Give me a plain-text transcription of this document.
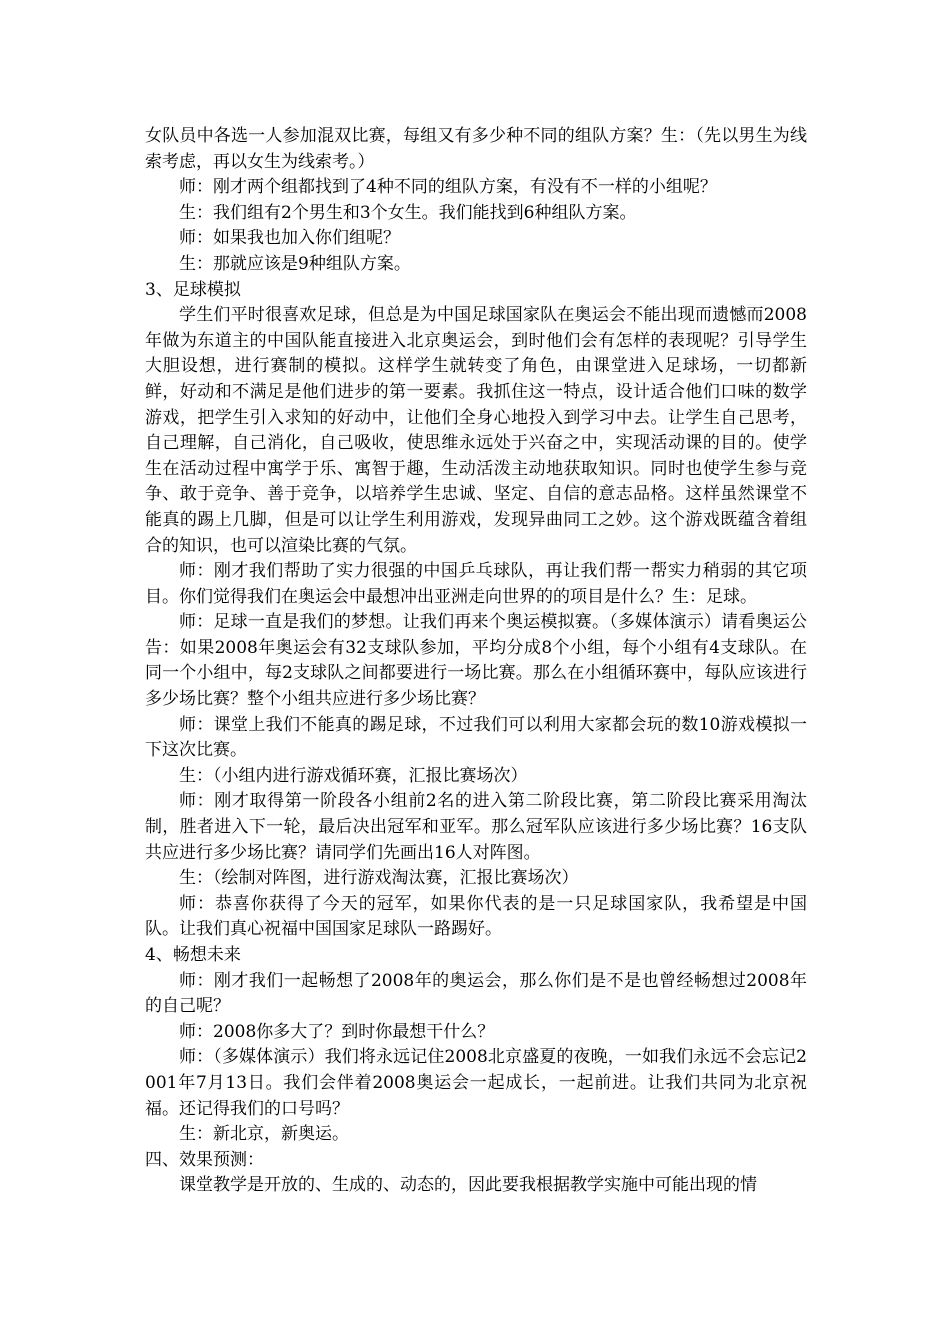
女队员中各选一人参加混双比赛，每组又有多少种不同的组队方案？生：（先以男生为线索考虑，再以女生为线索考。）

师：刚才两个组都找到了4种不同的组队方案，有没有不一样的小组呢？

生：我们组有2个男生和3个女生。我们能找到6种组队方案。

师：如果我也加入你们组呢？

生：那就应该是9种组队方案。

3、足球模拟

学生们平时很喜欢足球，但总是为中国足球国家队在奥运会不能出现而遗憾而2008年做为东道主的中国队能直接进入北京奥运会，到时他们会有怎样的表现呢？引导学生大胆设想，进行赛制的模拟。这样学生就转变了角色，由课堂进入足球场，一切都新鲜，好动和不满足是他们进步的第一要素。我抓住这一特点，设计适合他们口味的数学游戏，把学生引入求知的好动中，让他们全身心地投入到学习中去。让学生自己思考，自己理解，自己消化，自己吸收，使思维永远处于兴奋之中，实现活动课的目的。使学生在活动过程中寓学于乐、寓智于趣，生动活泼主动地获取知识。同时也使学生参与竞争、敢于竞争、善于竞争，以培养学生忠诚、坚定、自信的意志品格。这样虽然课堂不能真的踢上几脚，但是可以让学生利用游戏，发现异曲同工之妙。这个游戏既蕴含着组合的知识，也可以渲染比赛的气氛。

师：刚才我们帮助了实力很强的中国乒乓球队，再让我们帮一帮实力稍弱的其它项目。你们觉得我们在奥运会中最想冲出亚洲走向世界的的项目是什么？生：足球。

师：足球一直是我们的梦想。让我们再来个奥运模拟赛。（多媒体演示）请看奥运公告：如果2008年奥运会有32支球队参加，平均分成8个小组，每个小组有4支球队。在同一个小组中，每2支球队之间都要进行一场比赛。那么在小组循环赛中，每队应该进行多少场比赛？整个小组共应进行多少场比赛？

师：课堂上我们不能真的踢足球，不过我们可以利用大家都会玩的数10游戏模拟一下这次比赛。

生：（小组内进行游戏循环赛，汇报比赛场次）

师：刚才取得第一阶段各小组前2名的进入第二阶段比赛，第二阶段比赛采用淘汰制，胜者进入下一轮，最后决出冠军和亚军。那么冠军队应该进行多少场比赛？16支队共应进行多少场比赛？请同学们先画出16人对阵图。

生：（绘制对阵图，进行游戏淘汰赛，汇报比赛场次）

师：恭喜你获得了今天的冠军，如果你代表的是一只足球国家队，我希望是中国队。让我们真心祝福中国国家足球队一路踢好。

4、畅想未来

师：刚才我们一起畅想了2008年的奥运会，那么你们是不是也曾经畅想过2008年的自己呢？

师：2008你多大了？到时你最想干什么？

师：（多媒体演示）我们将永远记住2008北京盛夏的夜晚，一如我们永远不会忘记2001年7月13日。我们会伴着2008奥运会一起成长，一起前进。让我们共同为北京祝福。还记得我们的口号吗？

生：新北京，新奥运。

四、效果预测：

课堂教学是开放的、生成的、动态的，因此要我根据教学实施中可能出现的情
